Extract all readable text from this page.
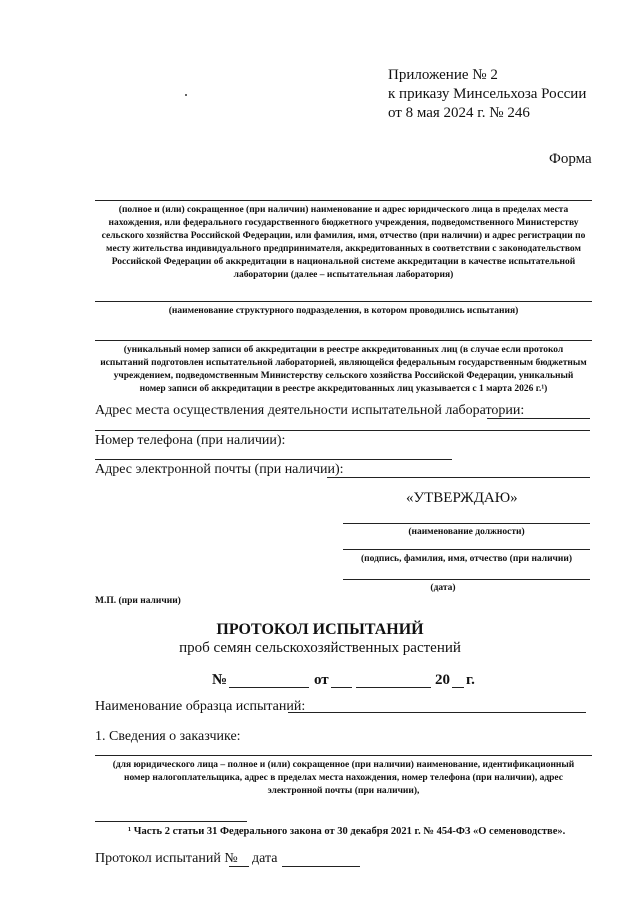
Приложение № 2
к приказу Минсельхоза России
от 8 мая 2024 г. № 246
Форма
(полное и (или) сокращенное (при наличии) наименование и адрес юридического лица в пределах места нахождения, или федерального государственного бюджетного учреждения, подведомственного Министерству сельского хозяйства Российской Федерации, или фамилия, имя, отчество (при наличии) и адрес регистрации по месту жительства индивидуального предпринимателя, аккредитованных в соответствии с законодательством Российской Федерации об аккредитации в национальной системе аккредитации в качестве испытательной лаборатории (далее – испытательная лаборатория)
(наименование структурного подразделения, в котором проводились испытания)
(уникальный номер записи об аккредитации в реестре аккредитованных лиц (в случае если протокол испытаний подготовлен испытательной лабораторией, являющейся федеральным государственным бюджетным учреждением, подведомственным Министерству сельского хозяйства Российской Федерации, уникальный номер записи об аккредитации в реестре аккредитованных лиц указывается с 1 марта 2026 г.¹)
Адрес места осуществления деятельности испытательной лаборатории:
Номер телефона (при наличии):
Адрес электронной почты (при наличии):
«УТВЕРЖДАЮ»
(наименование должности)
(подпись, фамилия, имя, отчество (при наличии)
(дата)
М.П. (при наличии)
ПРОТОКОЛ ИСПЫТАНИЙ
проб семян сельскохозяйственных растений
№	от	20 г.
Наименование образца испытаний:
1. Сведения о заказчике:
(для юридического лица – полное и (или) сокращенное (при наличии) наименование, идентификационный номер налогоплательщика, адрес в пределах места нахождения, номер телефона (при наличии), адрес электронной почты (при наличии),
¹ Часть 2 статьи 31 Федерального закона от 30 декабря 2021 г. № 454-ФЗ «О семеноводстве».
Протокол испытаний № дата
